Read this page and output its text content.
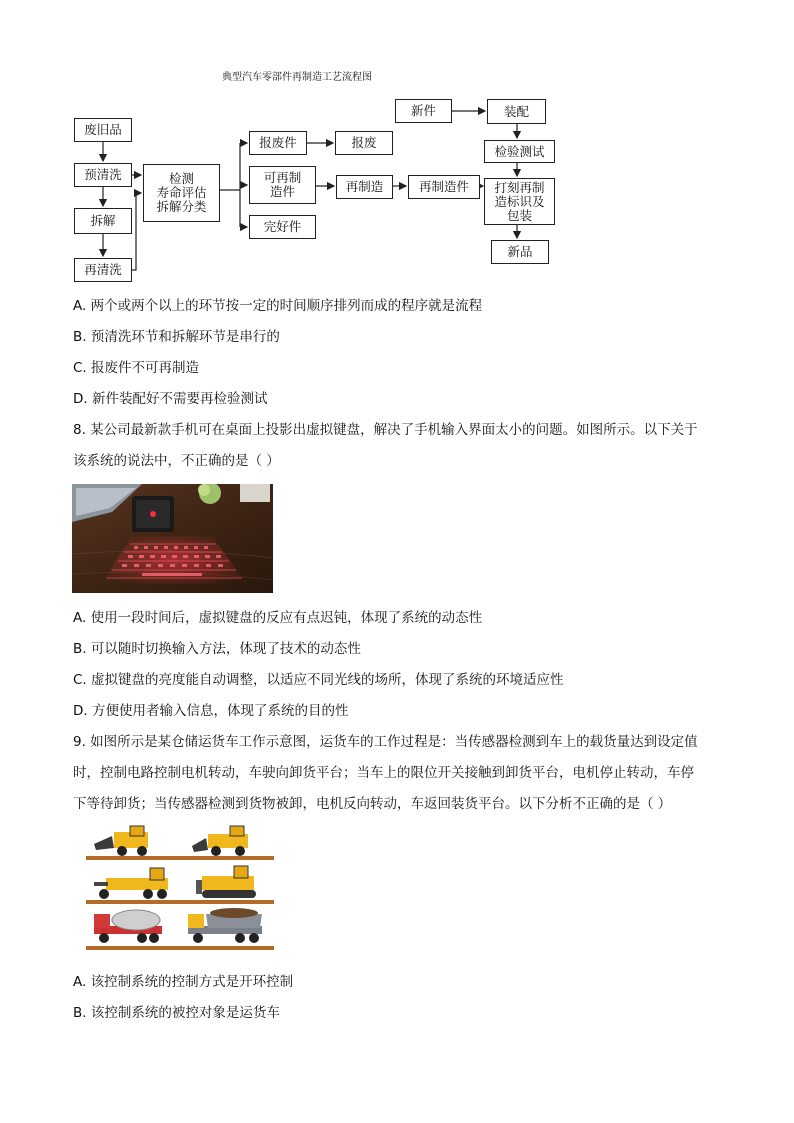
典型汽车零部件再制造工艺流程图
废旧品
预清洗
拆解
再清洗
检测
寿命评估
拆解分类
报废件	报废
可再制
造件	再制造	再制造件
完好件
新件	装配
检验测试
打刻再制
造标识及
包装
新品
A. 两个或两个以上的环节按一定的时间顺序排列而成的程序就是流程
B. 预清洗环节和拆解环节是串行的
C. 报废件不可再制造
D. 新件装配好不需要再检验测试
8. 某公司最新款手机可在桌面上投影出虚拟键盘，解决了手机输入界面太小的问题。如图所示。以下关于
该系统的说法中，不正确的是（ ）
A. 使用一段时间后，虚拟键盘的反应有点迟钝，体现了系统的动态性
B. 可以随时切换输入方法，体现了技术的动态性
C. 虚拟键盘的亮度能自动调整，以适应不同光线的场所，体现了系统的环境适应性
D. 方便使用者输入信息，体现了系统的目的性
9. 如图所示是某仓储运货车工作示意图，运货车的工作过程是：当传感器检测到车上的载货量达到设定值
时，控制电路控制电机转动，车驶向卸货平台；当车上的限位开关接触到卸货平台，电机停止转动，车停
下等待卸货；当传感器检测到货物被卸，电机反向转动，车返回装货平台。以下分析不正确的是（ ）
A. 该控制系统的控制方式是开环控制
B. 该控制系统的被控对象是运货车
